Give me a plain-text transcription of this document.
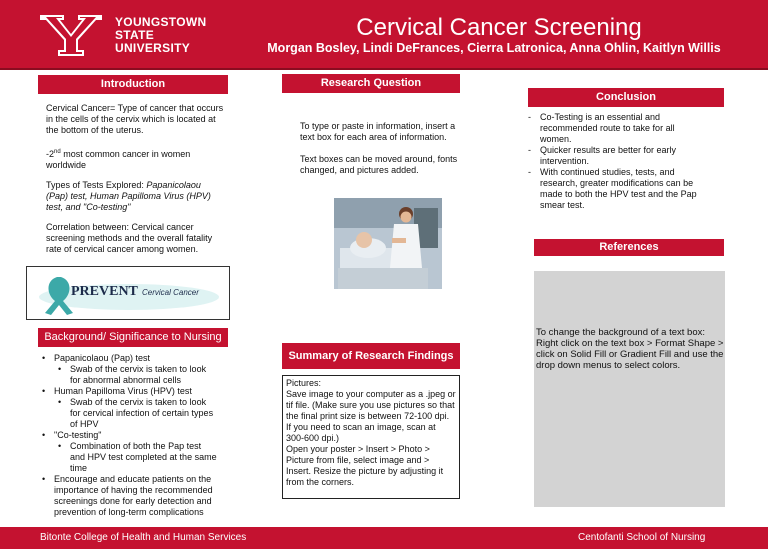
YOUNGSTOWN
STATE
UNIVERSITY
Cervical Cancer Screening
Morgan Bosley, Lindi DeFrances, Cierra Latronica, Anna Ohlin, Kaitlyn Willis
Introduction
Cervical Cancer= Type of cancer that occurs in the cells of the cervix which is located at the bottom of the uterus.
-2nd most common cancer in women worldwide
Types of Tests Explored: Papanicolaou (Pap) test, Human Papilloma Virus (HPV) test, and "Co-testing"
Correlation between: Cervical cancer screening methods and the overall fatality rate of cervical cancer among women.
PREVENT Cervical Cancer
Background/ Significance to Nursing
• Papanicolaou (Pap) test
• Swab of the cervix is taken to look for abnormal abnormal cells
• Human Papilloma Virus (HPV) test
• Swab of the cervix is taken to look for cervical infection of certain types of HPV
• "Co-testing"
• Combination of both the Pap test and HPV test completed at the same time
• Encourage and educate patients on the importance of having the recommended screenings done for early detection and prevention of long-term complications
Research Question
To type or paste in information, insert a text box for each area of information.
Text boxes can be moved around, fonts changed, and pictures added.
Summary of Research Findings
Pictures:
Save image to your computer as a .jpeg or tif file. (Make sure you use pictures so that the final print size is between 72-100 dpi. If you need to scan an image, scan at 300-600 dpi.)
Open your poster > Insert > Photo > Picture from file, select image and > Insert. Resize the picture by adjusting it from the corners.
Conclusion
- Co-Testing is an essential and recommended route to take for all women.
- Quicker results are better for early intervention.
- With continued studies, tests, and research, greater modifications can be made to both the HPV test and the Pap smear test.
References
To change the background of a text box:
Right click on the text box > Format Shape > click on Solid Fill or Gradient Fill and use the drop down menus to select colors.
Bitonte College of Health and Human Services	Centofanti School of Nursing
